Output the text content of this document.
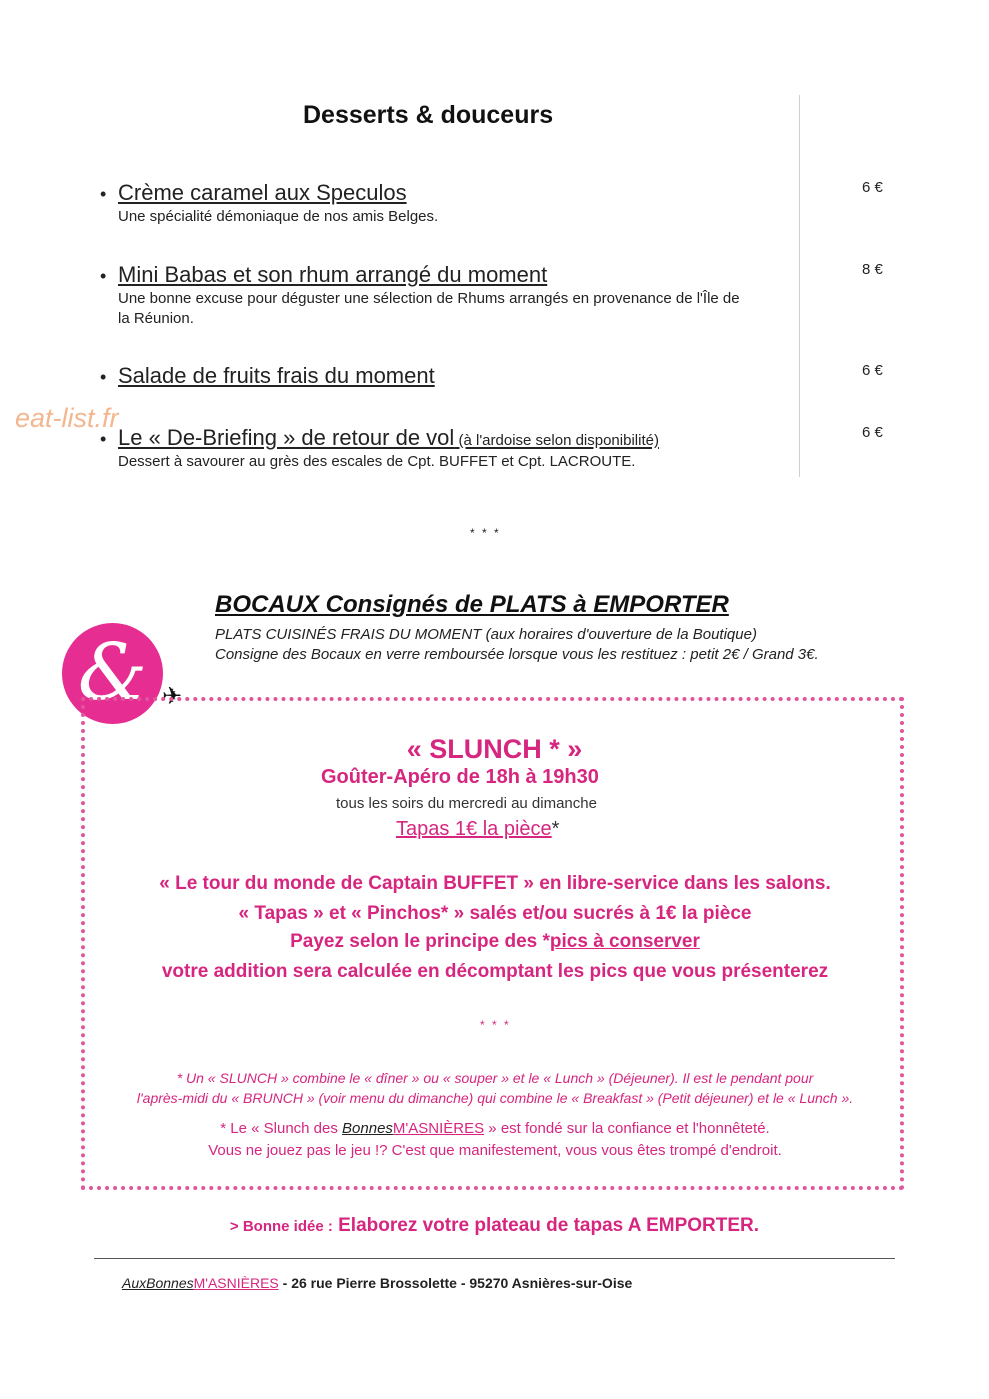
Desserts & douceurs
• Crème caramel aux Speculos
Une spécialité démoniaque de nos amis Belges.
6 €
• Mini Babas et son rhum arrangé du moment
Une bonne excuse pour déguster une sélection de Rhums arrangés en provenance de l'Île de la Réunion.
8 €
• Salade de fruits frais du moment	6 €
• Le « De-Briefing » de retour de vol (à l'ardoise selon disponibilité)
Dessert à savourer au grès des escales de Cpt. BUFFET et Cpt. LACROUTE.
6 €
eat-list.fr
* * *
BOCAUX Consignés de PLATS à EMPORTER
PLATS CUISINÉS FRAIS DU MOMENT (aux horaires d'ouverture de la Boutique)
Consigne des Bocaux en verre remboursée lorsque vous les restituez : petit 2€ / Grand 3€.
& ✈
« SLUNCH * »
Goûter-Apéro de 18h à 19h30
tous les soirs du mercredi au dimanche
Tapas 1€ la pièce*
« Le tour du monde de Captain BUFFET » en libre-service dans les salons.
« Tapas » et « Pinchos* » salés et/ou sucrés à 1€ la pièce
Payez selon le principe des *pics à conserver
votre addition sera calculée en décomptant les pics que vous présenterez
* * *
* Un « SLUNCH » combine le « dîner » ou « souper » et le « Lunch » (Déjeuner). Il est le pendant pour
l'après-midi du « BRUNCH » (voir menu du dimanche) qui combine le « Breakfast » (Petit déjeuner) et le « Lunch ».
* Le « Slunch des BonnesM'ASNIÈRES » est fondé sur la confiance et l'honnêteté.
Vous ne jouez pas le jeu !? C'est que manifestement, vous vous êtes trompé d'endroit.
> Bonne idée : Elaborez votre plateau de tapas A EMPORTER.
AuxBonnesM'ASNIÈRES - 26 rue Pierre Brossolette - 95270 Asnières-sur-Oise
